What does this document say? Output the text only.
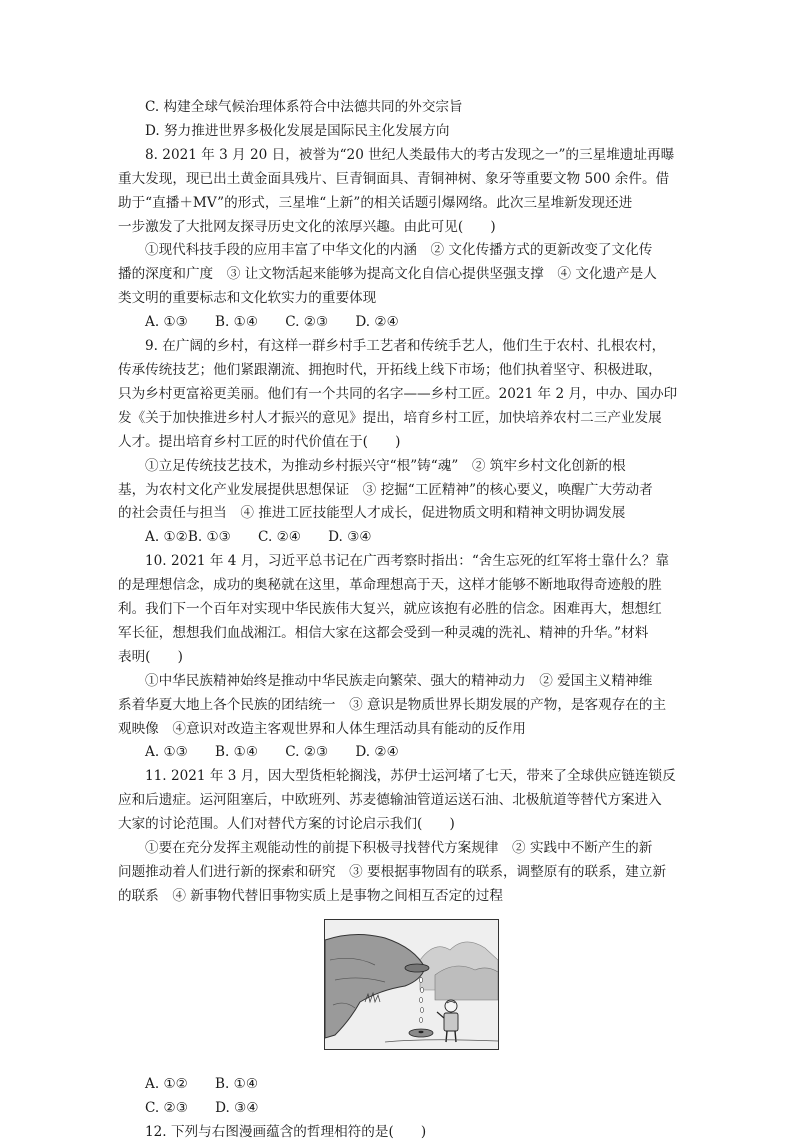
C. 构建全球气候治理体系符合中法德共同的外交宗旨
D. 努力推进世界多极化发展是国际民主化发展方向
8. 2021 年 3 月 20 日，被誉为“20 世纪人类最伟大的考古发现之一”的三星堆遗址再曝
重大发现，现已出土黄金面具残片、巨青铜面具、青铜神树、象牙等重要文物 500 余件。借
助于“直播＋MV”的形式，三星堆“上新”的相关话题引爆网络。此次三星堆新发现还进
一步激发了大批网友探寻历史文化的浓厚兴趣。由此可见(　　)
①现代科技手段的应用丰富了中华文化的内涵　② 文化传播方式的更新改变了文化传
播的深度和广度　③ 让文物活起来能够为提高文化自信心提供坚强支撑　④ 文化遗产是人
类文明的重要标志和文化软实力的重要体现
A. ①③　　B. ①④　　C. ②③　　D. ②④
9. 在广阔的乡村，有这样一群乡村手工艺者和传统手艺人，他们生于农村、扎根农村，
传承传统技艺；他们紧跟潮流、拥抱时代，开拓线上线下市场；他们执着坚守、积极进取，
只为乡村更富裕更美丽。他们有一个共同的名字——乡村工匠。2021 年 2 月，中办、国办印
发《关于加快推进乡村人才振兴的意见》提出，培育乡村工匠，加快培养农村二三产业发展
人才。提出培育乡村工匠的时代价值在于(　　)
①立足传统技艺技术，为推动乡村振兴守“根”铸“魂”　② 筑牢乡村文化创新的根
基，为农村文化产业发展提供思想保证　③ 挖掘“工匠精神”的核心要义，唤醒广大劳动者
的社会责任与担当　④ 推进工匠技能型人才成长，促进物质文明和精神文明协调发展
A. ①②B. ①③　　C. ②④　　D. ③④
10. 2021 年 4 月，习近平总书记在广西考察时指出：“舍生忘死的红军将士靠什么？靠
的是理想信念，成功的奥秘就在这里，革命理想高于天，这样才能够不断地取得奇迹般的胜
利。我们下一个百年对实现中华民族伟大复兴，就应该抱有必胜的信念。困难再大，想想红
军长征，想想我们血战湘江。相信大家在这都会受到一种灵魂的洗礼、精神的升华。”材料
表明(　　)
①中华民族精神始终是推动中华民族走向繁荣、强大的精神动力　② 爱国主义精神维
系着华夏大地上各个民族的团结统一　③ 意识是物质世界长期发展的产物，是客观存在的主
观映像　④意识对改造主客观世界和人体生理活动具有能动的反作用
A. ①③　　B. ①④　　C. ②③　　D. ②④
11. 2021 年 3 月，因大型货柜轮搁浅，苏伊士运河堵了七天，带来了全球供应链连锁反
应和后遗症。运河阻塞后，中欧班列、苏麦德输油管道运送石油、北极航道等替代方案进入
大家的讨论范围。人们对替代方案的讨论启示我们(　　)
①要在充分发挥主观能动性的前提下积极寻找替代方案规律　② 实践中不断产生的新
问题推动着人们进行新的探索和研究　③ 要根据事物固有的联系，调整原有的联系，建立新
的联系　④ 新事物代替旧事物实质上是事物之间相互否定的过程
A. ①②　　B. ①④
C. ②③　　D. ③④
12. 下列与右图漫画蕴含的哲理相符的是(　　)
